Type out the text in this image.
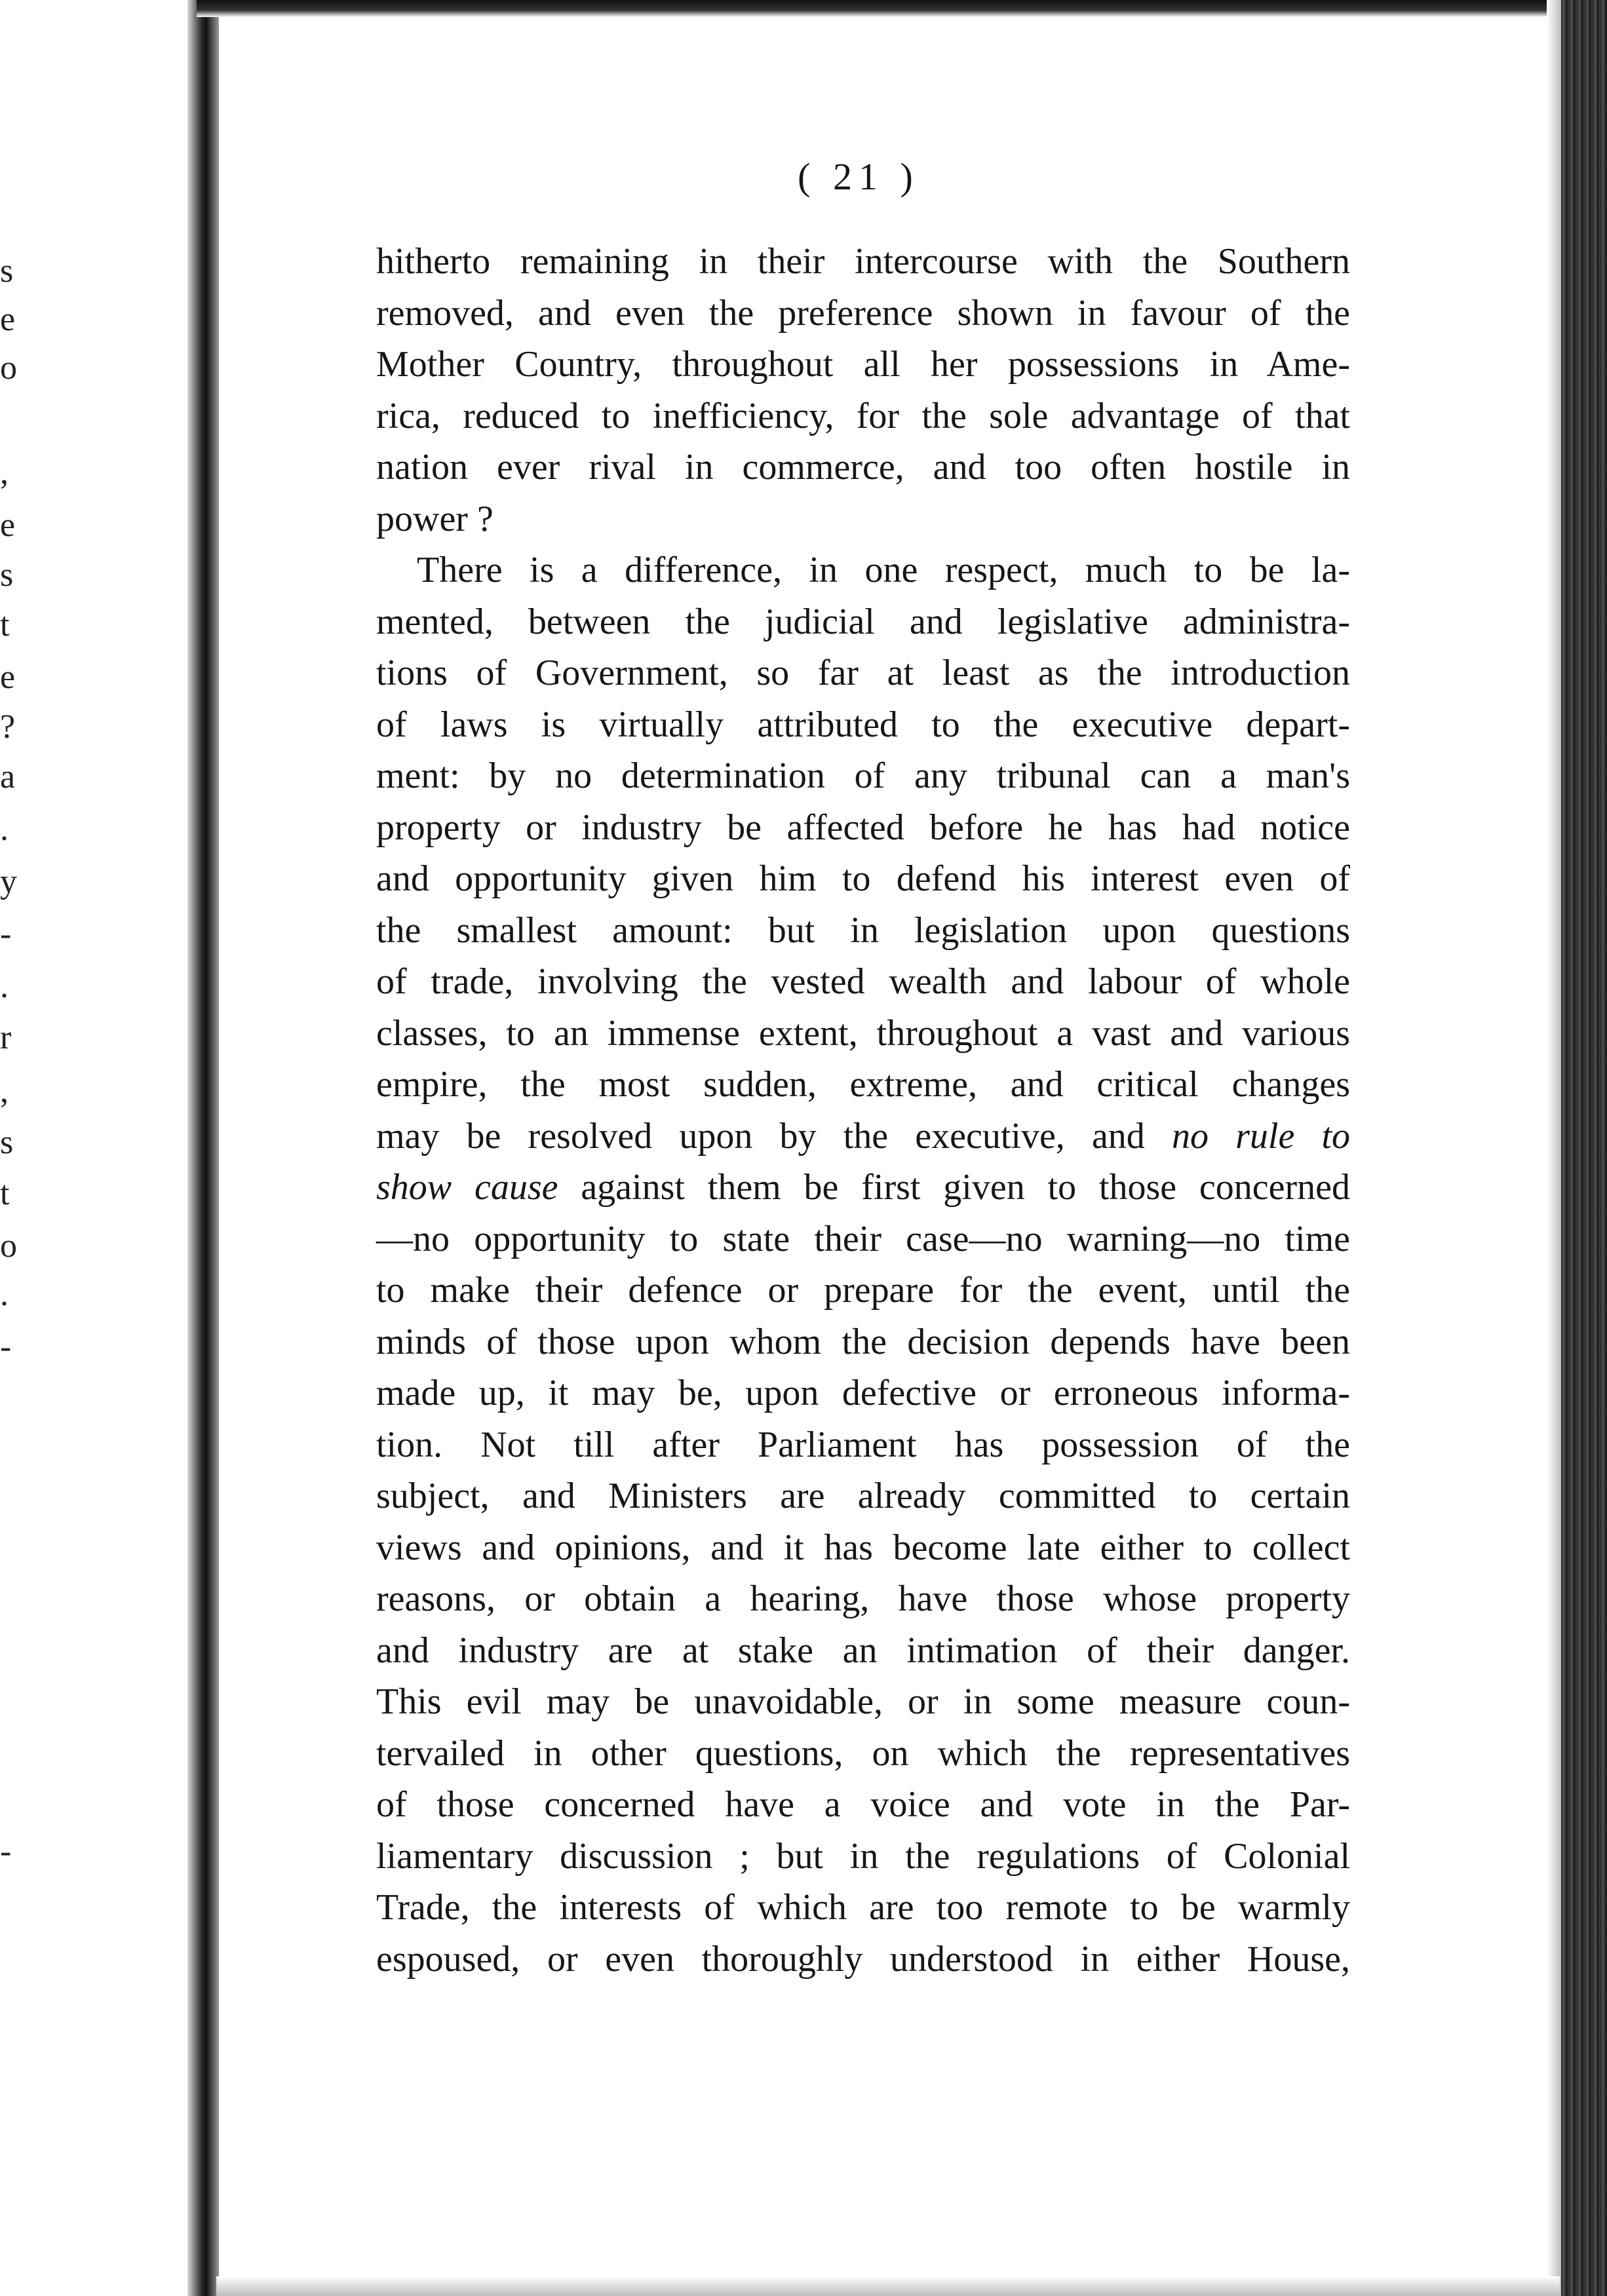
s
e
o
,
e
s
t
e
?
a
.
y
-
.
r
,
s
t
o
.
-
-
( 21 )
hitherto remaining in their intercourse with the Southern
removed, and even the preference shown in favour of the
Mother Country, throughout all her possessions in Ame-
rica, reduced to inefficiency, for the sole advantage of that
nation ever rival in commerce, and too often hostile in
power ?
There is a difference, in one respect, much to be la-
mented, between the judicial and legislative administra-
tions of Government, so far at least as the introduction
of laws is virtually attributed to the executive depart-
ment: by no determination of any tribunal can a man's
property or industry be affected before he has had notice
and opportunity given him to defend his interest even of
the smallest amount: but in legislation upon questions
of trade, involving the vested wealth and labour of whole
classes, to an immense extent, throughout a vast and various
empire, the most sudden, extreme, and critical changes
may be resolved upon by the executive, and no rule to
show cause against them be first given to those concerned
—no opportunity to state their case—no warning—no time
to make their defence or prepare for the event, until the
minds of those upon whom the decision depends have been
made up, it may be, upon defective or erroneous informa-
tion. Not till after Parliament has possession of the
subject, and Ministers are already committed to certain
views and opinions, and it has become late either to collect
reasons, or obtain a hearing, have those whose property
and industry are at stake an intimation of their danger.
This evil may be unavoidable, or in some measure coun-
tervailed in other questions, on which the representatives
of those concerned have a voice and vote in the Par-
liamentary discussion ; but in the regulations of Colonial
Trade, the interests of which are too remote to be warmly
espoused, or even thoroughly understood in either House,
